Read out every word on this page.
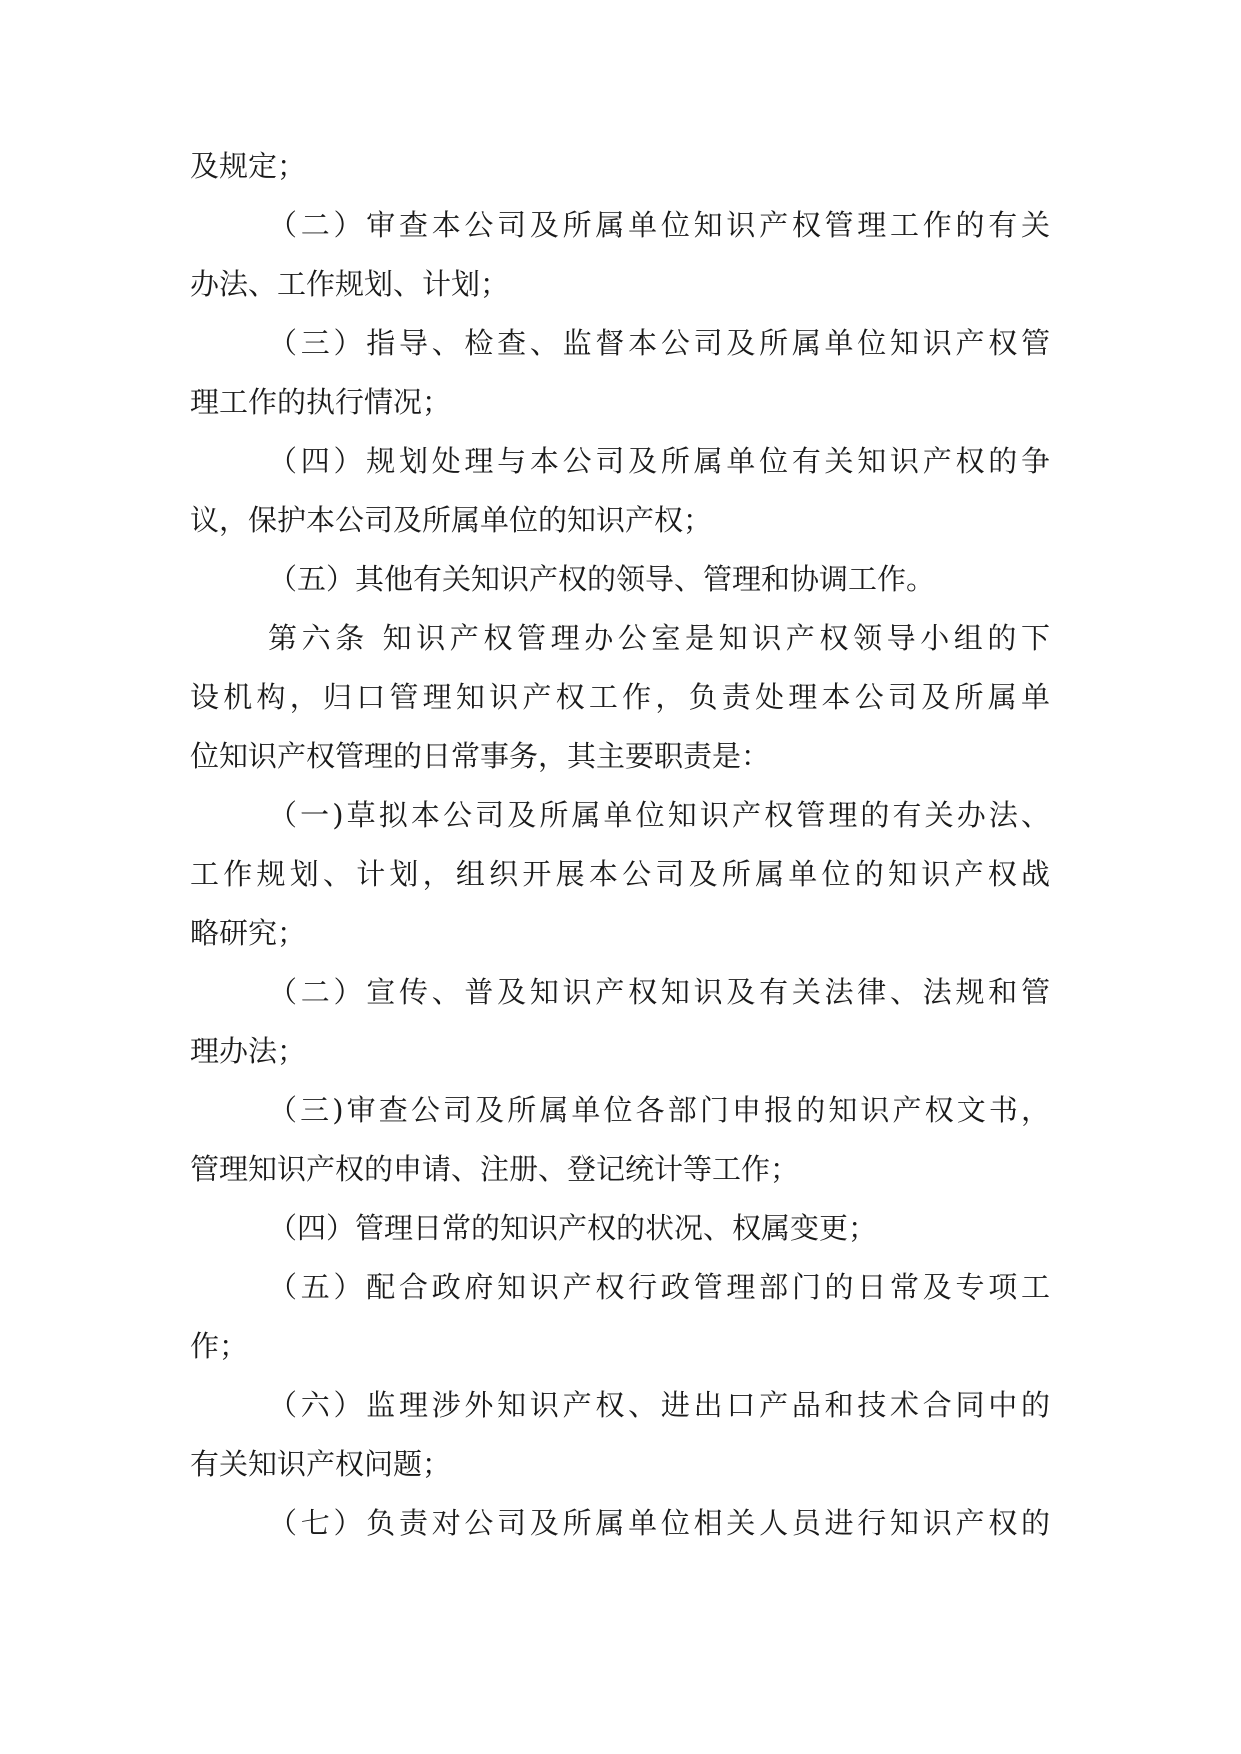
及规定；
（二）审查本公司及所属单位知识产权管理工作的有关
办法、工作规划、计划；
（三）指导、检查、监督本公司及所属单位知识产权管
理工作的执行情况；
（四）规划处理与本公司及所属单位有关知识产权的争
议，保护本公司及所属单位的知识产权；
（五）其他有关知识产权的领导、管理和协调工作。
第六条 知识产权管理办公室是知识产权领导小组的下
设机构，归口管理知识产权工作，负责处理本公司及所属单
位知识产权管理的日常事务，其主要职责是：
（一)草拟本公司及所属单位知识产权管理的有关办法、
工作规划、计划，组织开展本公司及所属单位的知识产权战
略研究；
（二）宣传、普及知识产权知识及有关法律、法规和管
理办法；
（三)审查公司及所属单位各部门申报的知识产权文书，
管理知识产权的申请、注册、登记统计等工作；
（四）管理日常的知识产权的状况、权属变更；
（五）配合政府知识产权行政管理部门的日常及专项工
作；
（六）监理涉外知识产权、进出口产品和技术合同中的
有关知识产权问题；
（七）负责对公司及所属单位相关人员进行知识产权的
